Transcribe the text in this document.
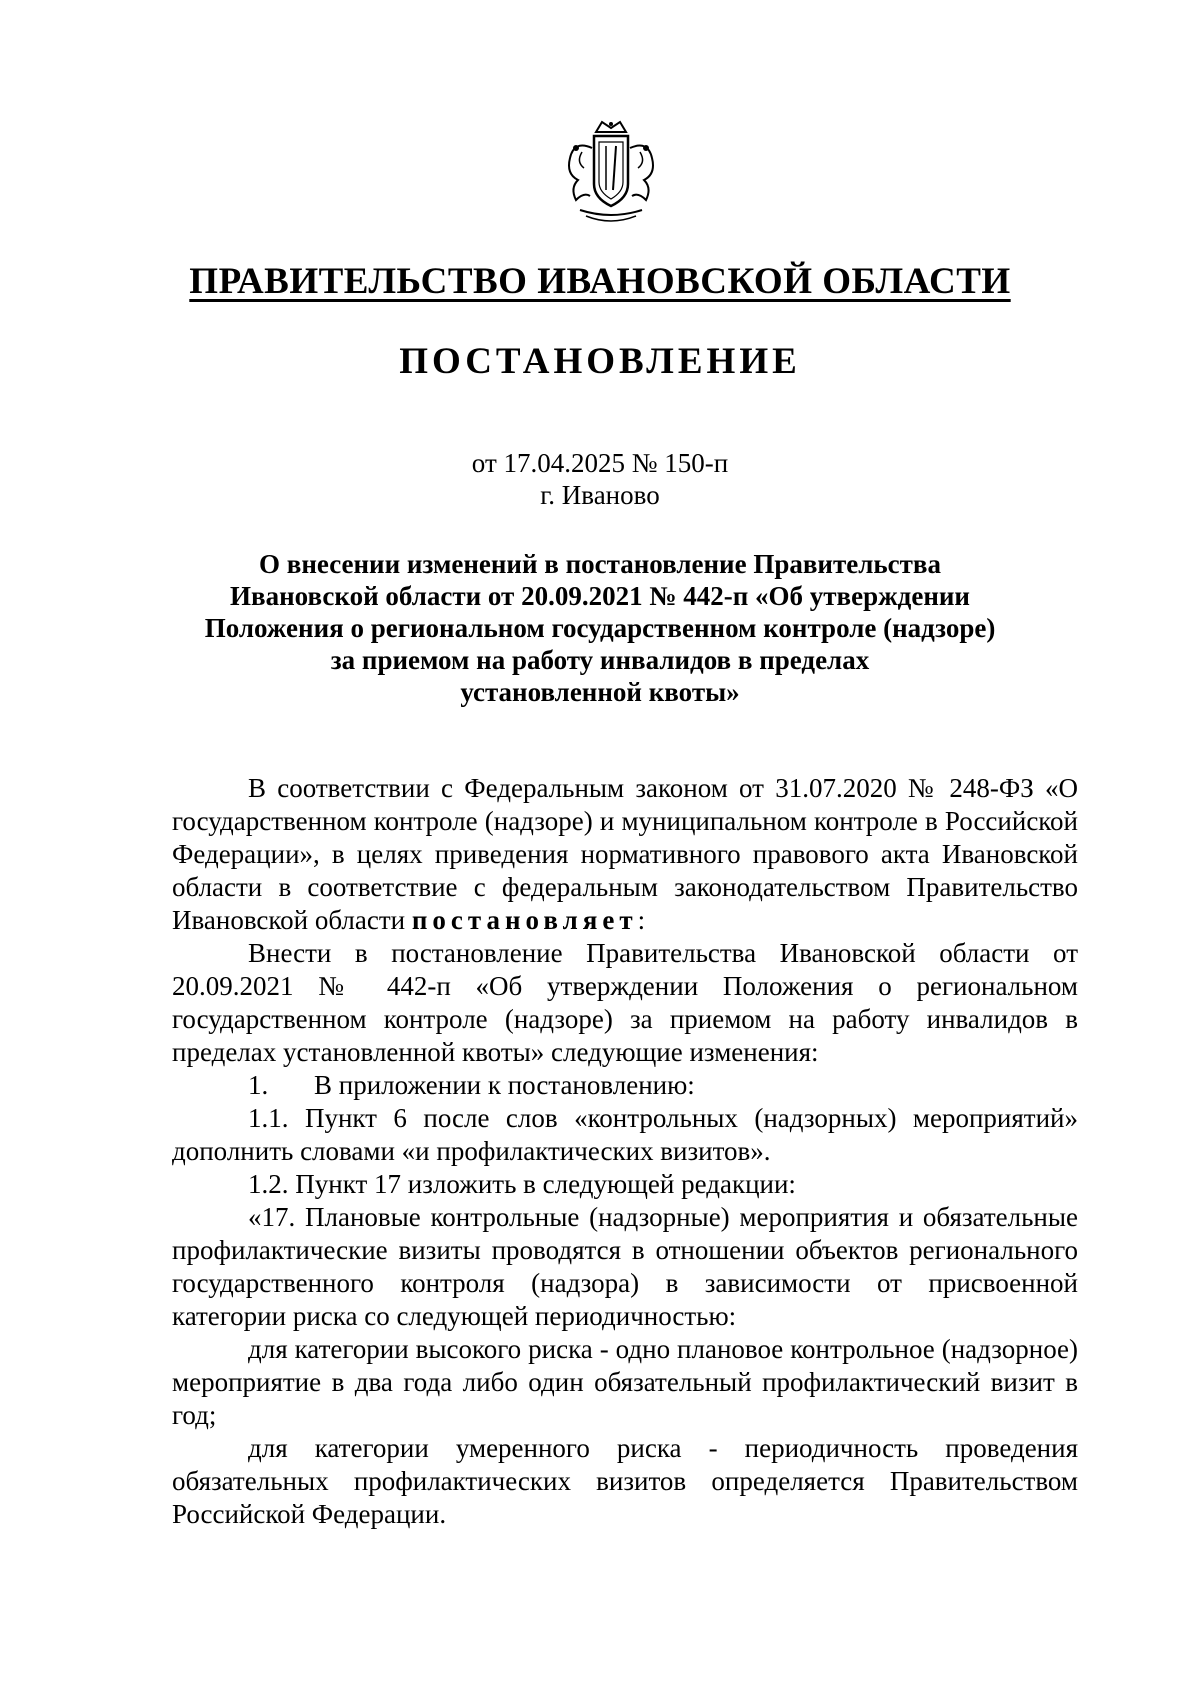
ПРАВИТЕЛЬСТВО ИВАНОВСКОЙ ОБЛАСТИ
ПОСТАНОВЛЕНИЕ
от 17.04.2025 № 150-п
г. Иваново
О внесении изменений в постановление Правительства
Ивановской области от 20.09.2021 № 442-п «Об утверждении
Положения о региональном государственном контроле (надзоре)
за приемом на работу инвалидов в пределах
установленной квоты»

В соответствии с Федеральным законом от 31.07.2020 № 248-ФЗ «О государственном контроле (надзоре) и муниципальном контроле в Российской Федерации», в целях приведения нормативного правового акта Ивановской области в соответствие с федеральным законодательством Правительство Ивановской области постановляет:

Внести в постановление Правительства Ивановской области от 20.09.2021 № 442-п «Об утверждении Положения о региональном государственном контроле (надзоре) за приемом на работу инвалидов в пределах установленной квоты» следующие изменения:

1. В приложении к постановлению:

1.1. Пункт 6 после слов «контрольных (надзорных) мероприятий» дополнить словами «и профилактических визитов».

1.2. Пункт 17 изложить в следующей редакции:

«17. Плановые контрольные (надзорные) мероприятия и обязательные профилактические визиты проводятся в отношении объектов регионального государственного контроля (надзора) в зависимости от присвоенной категории риска со следующей периодичностью:

для категории высокого риска - одно плановое контрольное (надзорное) мероприятие в два года либо один обязательный профилактический визит в год;

для категории умеренного риска - периодичность проведения обязательных профилактических визитов определяется Правительством Российской Федерации.
